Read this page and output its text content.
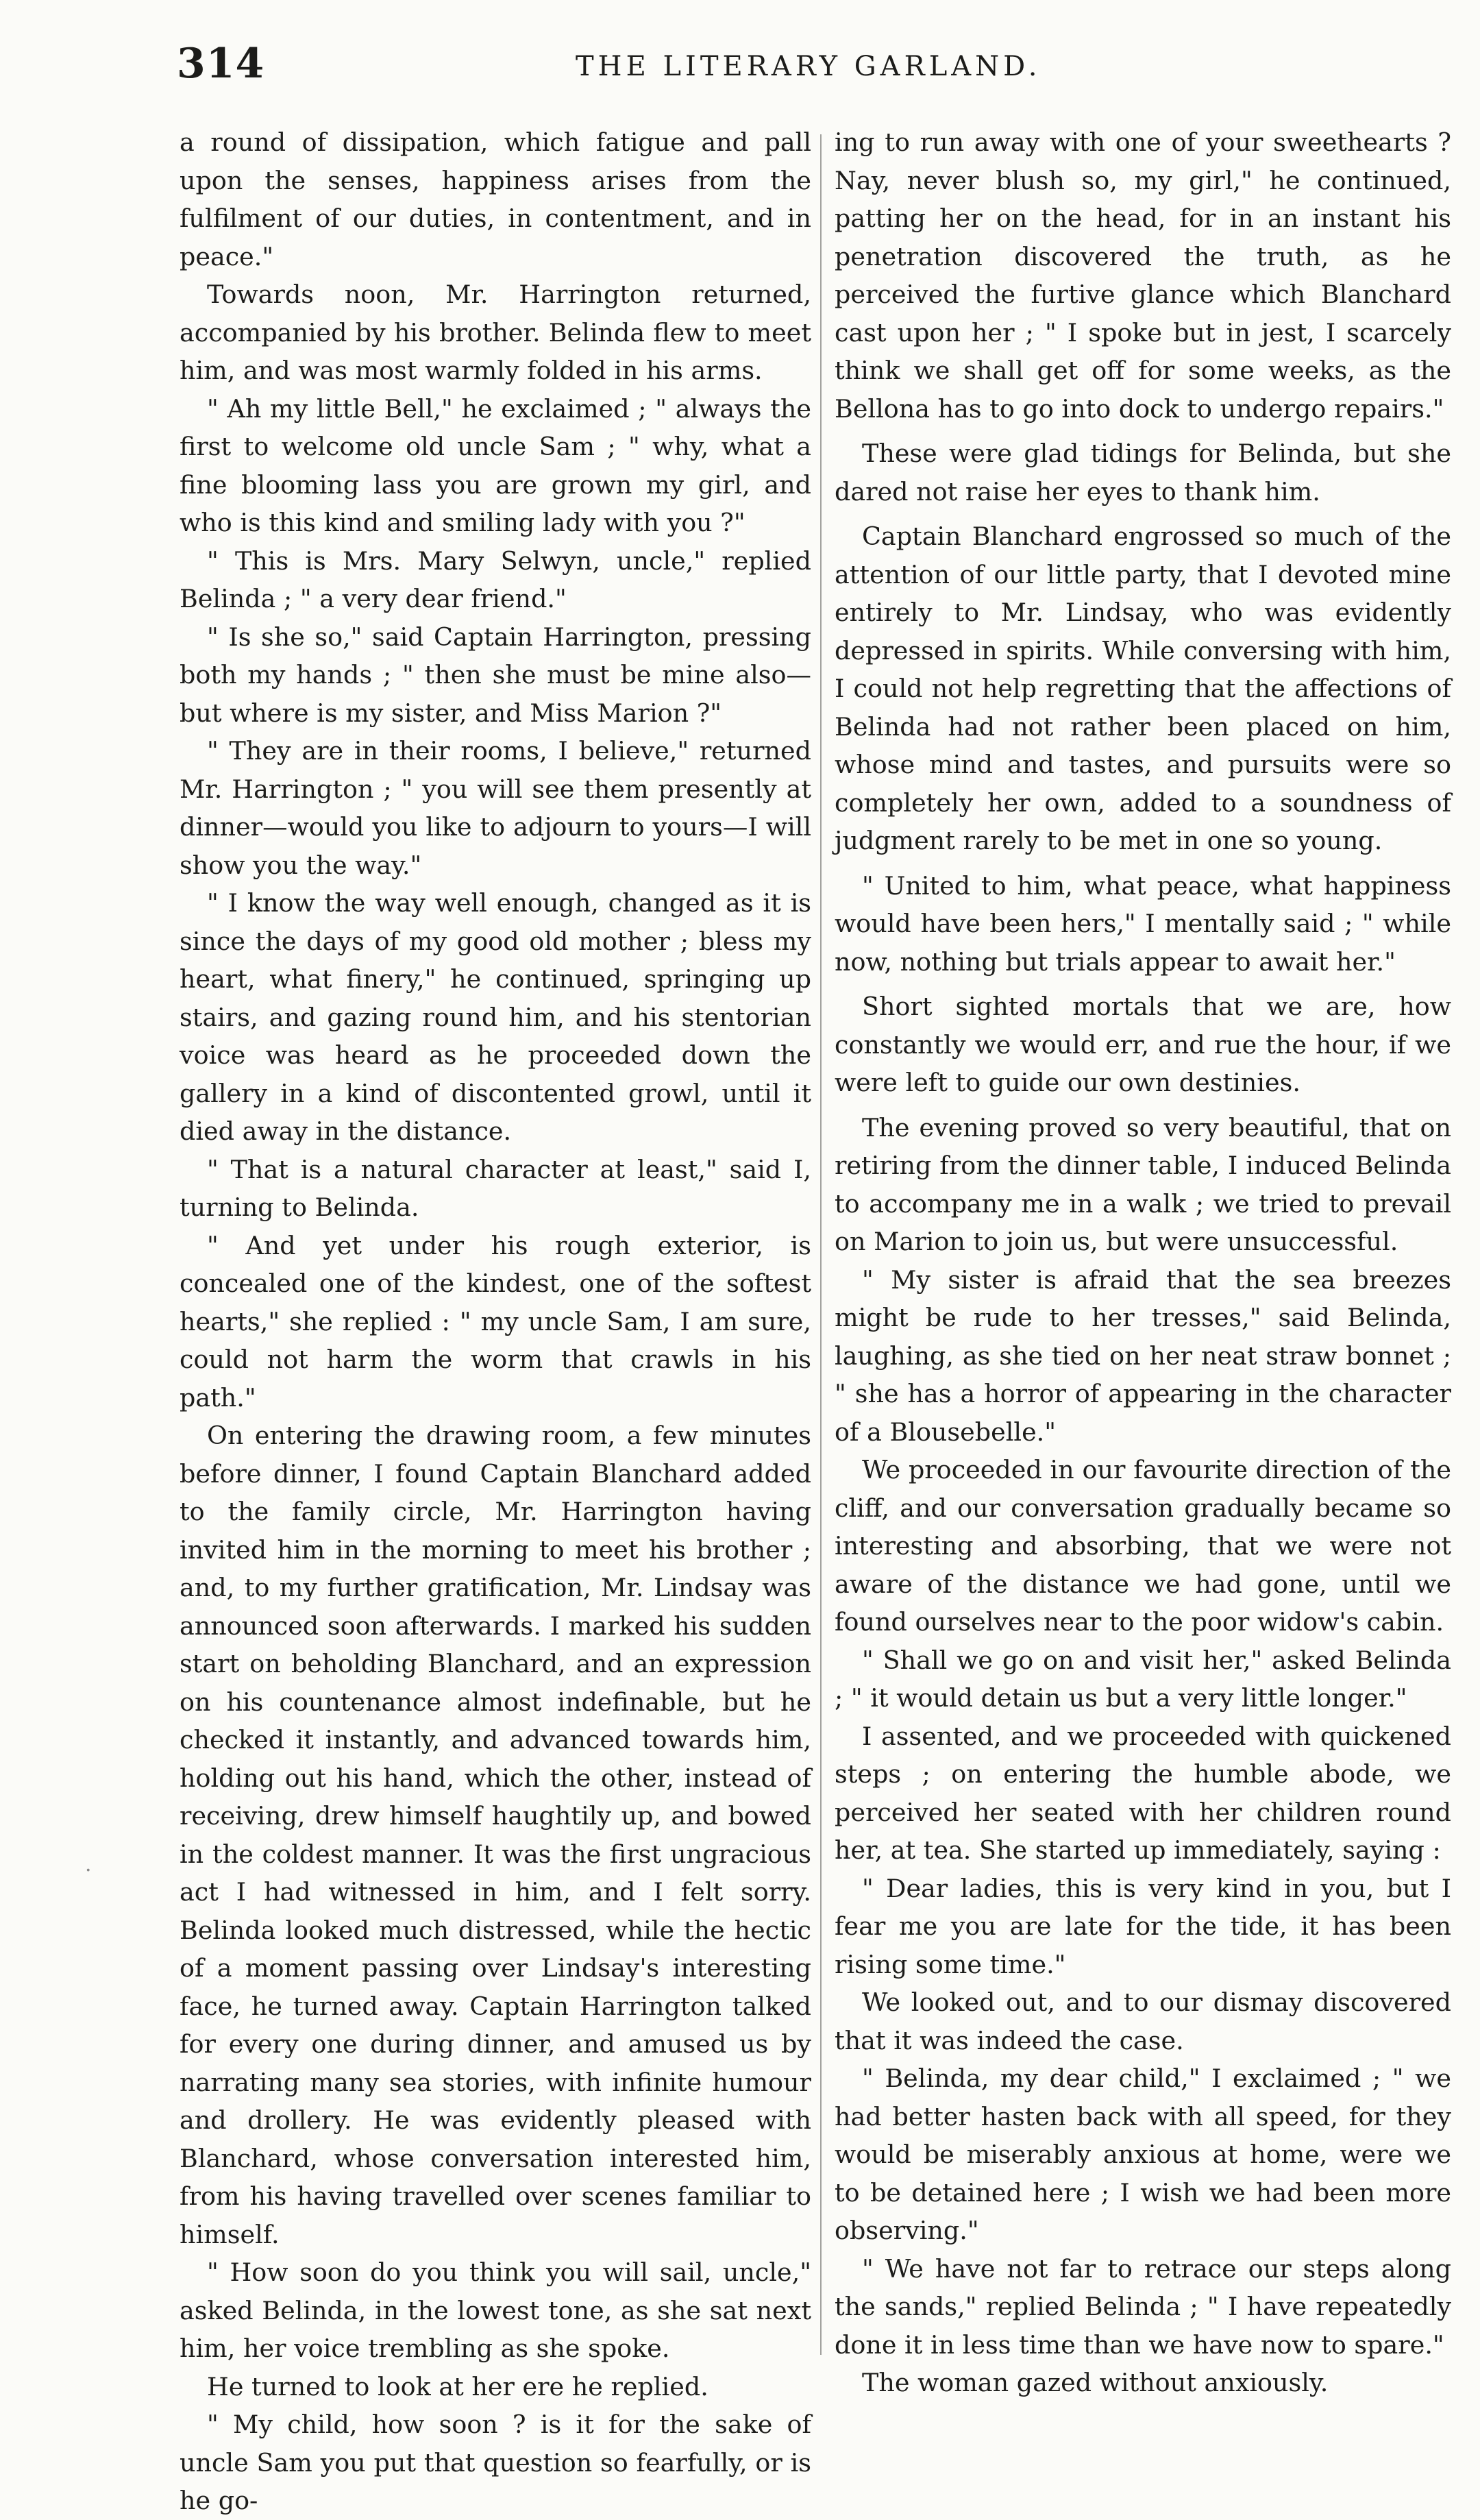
314	THE LITERARY GARLAND.

a round of dissipation, which fatigue and pall upon the senses, happiness arises from the fulfilment of our duties, in contentment, and in peace."

Towards noon, Mr. Harrington returned, accompanied by his brother. Belinda flew to meet him, and was most warmly folded in his arms.

" Ah my little Bell," he exclaimed ; " always the first to welcome old uncle Sam ; " why, what a fine blooming lass you are grown my girl, and who is this kind and smiling lady with you ?"

" This is Mrs. Mary Selwyn, uncle," replied Belinda ; " a very dear friend."

" Is she so," said Captain Harrington, pressing both my hands ; " then she must be mine also— but where is my sister, and Miss Marion ?"

" They are in their rooms, I believe," returned Mr. Harrington ; " you will see them presently at dinner—would you like to adjourn to yours—I will show you the way."

" I know the way well enough, changed as it is since the days of my good old mother ; bless my heart, what finery," he continued, springing up stairs, and gazing round him, and his stentorian voice was heard as he proceeded down the gallery in a kind of discontented growl, until it died away in the distance.

" That is a natural character at least," said I, turning to Belinda.

" And yet under his rough exterior, is concealed one of the kindest, one of the softest hearts," she replied : " my uncle Sam, I am sure, could not harm the worm that crawls in his path."

On entering the drawing room, a few minutes before dinner, I found Captain Blanchard added to the family circle, Mr. Harrington having invited him in the morning to meet his brother ; and, to my further gratification, Mr. Lindsay was announced soon afterwards. I marked his sudden start on beholding Blanchard, and an expression on his countenance almost indefinable, but he checked it instantly, and advanced towards him, holding out his hand, which the other, instead of receiving, drew himself haughtily up, and bowed in the coldest manner. It was the first ungracious act I had witnessed in him, and I felt sorry. Belinda looked much distressed, while the hectic of a moment passing over Lindsay's interesting face, he turned away. Captain Harrington talked for every one during dinner, and amused us by narrating many sea stories, with infinite humour and drollery. He was evidently pleased with Blanchard, whose conversation interested him, from his having travelled over scenes familiar to himself.

" How soon do you think you will sail, uncle," asked Belinda, in the lowest tone, as she sat next him, her voice trembling as she spoke.

He turned to look at her ere he replied.

" My child, how soon ? is it for the sake of uncle Sam you put that question so fearfully, or is he go-

ing to run away with one of your sweethearts ? Nay, never blush so, my girl," he continued, patting her on the head, for in an instant his penetration discovered the truth, as he perceived the furtive glance which Blanchard cast upon her ; " I spoke but in jest, I scarcely think we shall get off for some weeks, as the Bellona has to go into dock to undergo repairs."

These were glad tidings for Belinda, but she dared not raise her eyes to thank him.

Captain Blanchard engrossed so much of the attention of our little party, that I devoted mine entirely to Mr. Lindsay, who was evidently depressed in spirits. While conversing with him, I could not help regretting that the affections of Belinda had not rather been placed on him, whose mind and tastes, and pursuits were so completely her own, added to a soundness of judgment rarely to be met in one so young.

" United to him, what peace, what happiness would have been hers," I mentally said ; " while now, nothing but trials appear to await her."

Short sighted mortals that we are, how constantly we would err, and rue the hour, if we were left to guide our own destinies.

The evening proved so very beautiful, that on retiring from the dinner table, I induced Belinda to accompany me in a walk ; we tried to prevail on Marion to join us, but were unsuccessful.

" My sister is afraid that the sea breezes might be rude to her tresses," said Belinda, laughing, as she tied on her neat straw bonnet ; " she has a horror of appearing in the character of a Blousebelle."

We proceeded in our favourite direction of the cliff, and our conversation gradually became so interesting and absorbing, that we were not aware of the distance we had gone, until we found ourselves near to the poor widow's cabin.

" Shall we go on and visit her," asked Belinda ; " it would detain us but a very little longer."

I assented, and we proceeded with quickened steps ; on entering the humble abode, we perceived her seated with her children round her, at tea. She started up immediately, saying :

" Dear ladies, this is very kind in you, but I fear me you are late for the tide, it has been rising some time."

We looked out, and to our dismay discovered that it was indeed the case.

" Belinda, my dear child," I exclaimed ; " we had better hasten back with all speed, for they would be miserably anxious at home, were we to be detained here ; I wish we had been more observing."

" We have not far to retrace our steps along the sands," replied Belinda ; " I have repeatedly done it in less time than we have now to spare."

The woman gazed without anxiously.

·
